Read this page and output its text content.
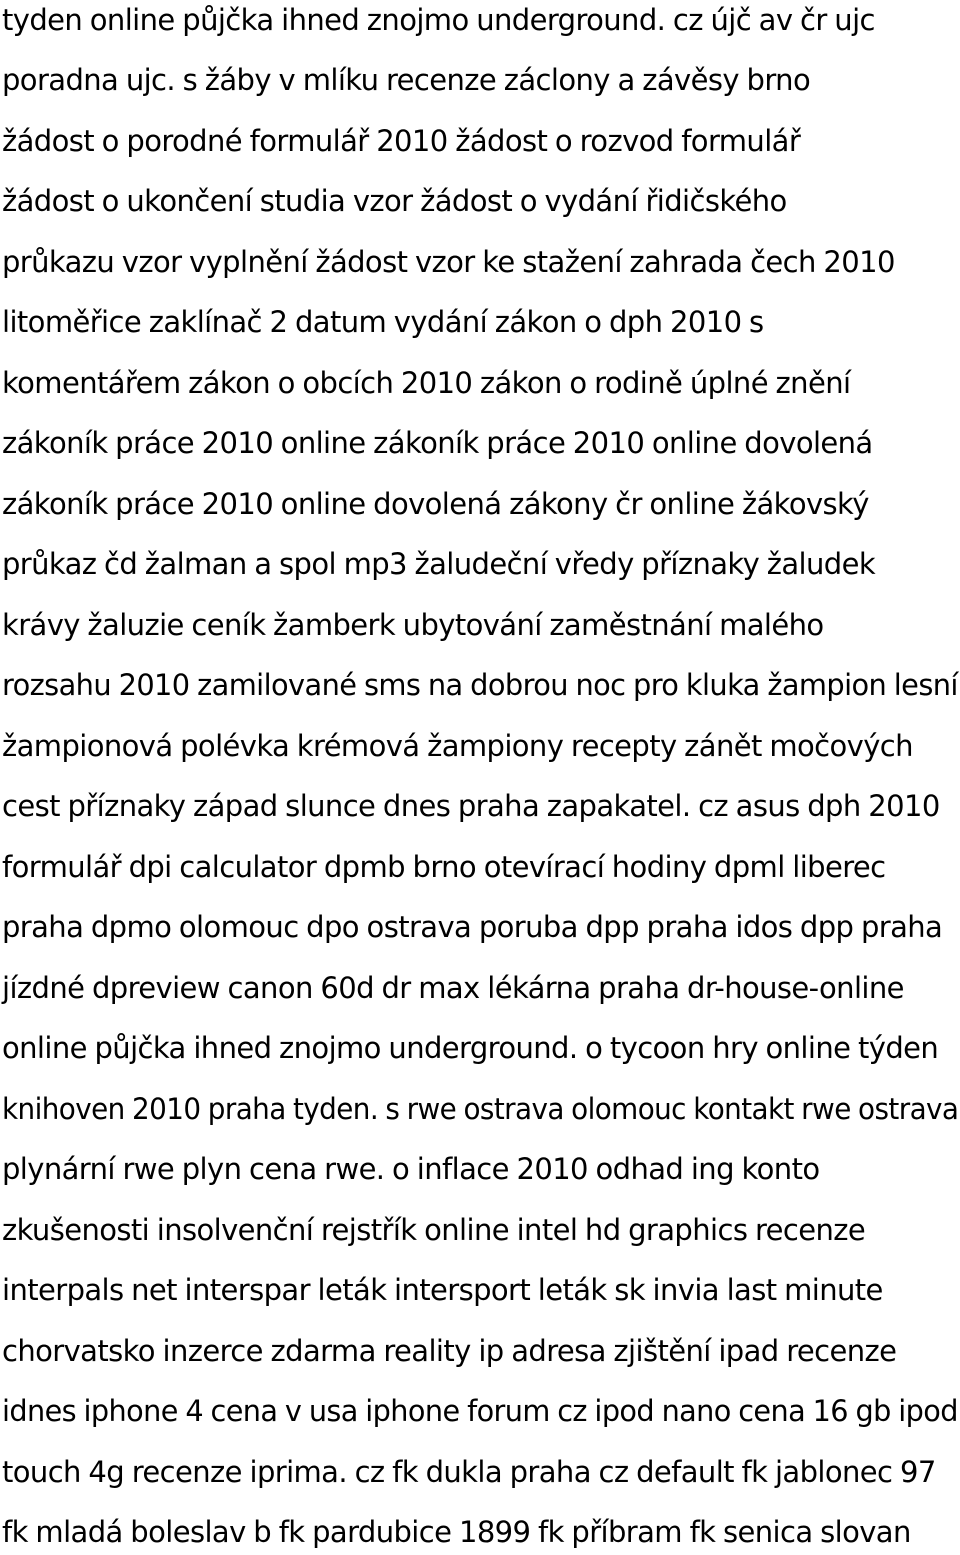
tyden online půjčka ihned znojmo underground. cz újč av čr ujc
poradna ujc. s žáby v mlíku recenze záclony a závěsy brno
žádost o porodné formulář 2010 žádost o rozvod formulář
žádost o ukončení studia vzor žádost o vydání řidičského
průkazu vzor vyplnění žádost vzor ke stažení zahrada čech 2010
litoměřice zaklínač 2 datum vydání zákon o dph 2010 s
komentářem zákon o obcích 2010 zákon o rodině úplné znění
zákoník práce 2010 online zákoník práce 2010 online dovolená
zákoník práce 2010 online dovolená zákony čr online žákovský
průkaz čd žalman a spol mp3 žaludeční vředy příznaky žaludek
krávy žaluzie ceník žamberk ubytování zaměstnání malého
rozsahu 2010 zamilované sms na dobrou noc pro kluka žampion lesní
žampionová polévka krémová žampiony recepty zánět močových
cest příznaky západ slunce dnes praha zapakatel. cz asus dph 2010
formulář dpi calculator dpmb brno otevírací hodiny dpml liberec
praha dpmo olomouc dpo ostrava poruba dpp praha idos dpp praha
jízdné dpreview canon 60d dr max lékárna praha dr-house-online
online půjčka ihned znojmo underground. o tycoon hry online týden
knihoven 2010 praha tyden. s rwe ostrava olomouc kontakt rwe ostrava
plynární rwe plyn cena rwe. o inflace 2010 odhad ing konto
zkušenosti insolvenční rejstřík online intel hd graphics recenze
interpals net interspar leták intersport leták sk invia last minute
chorvatsko inzerce zdarma reality ip adresa zjištění ipad recenze
idnes iphone 4 cena v usa iphone forum cz ipod nano cena 16 gb ipod
touch 4g recenze iprima. cz fk dukla praha cz default fk jablonec 97
fk mladá boleslav b fk pardubice 1899 fk příbram fk senica slovan
